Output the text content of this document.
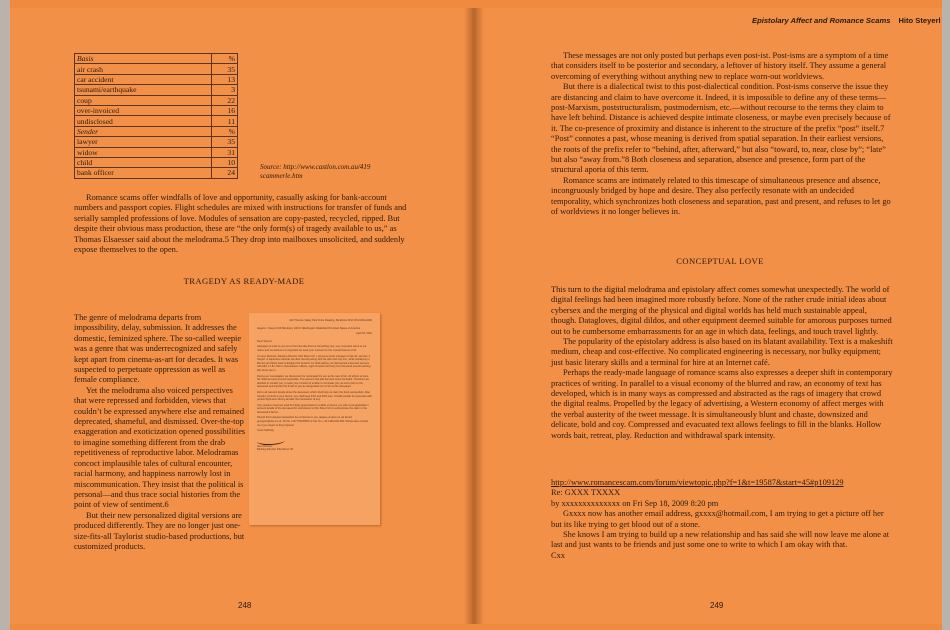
Basis	%
air crash	35
car accident	13
tsunami/earthquake	3
coup	22
over-invoiced	16
undisclosed	11
Sender	%
lawyer	35
widow	31
child	10
bank officer	24
Source: http://www.castlon.com.au/419 scammerle.htm
Romance scams offer windfalls of love and opportunity, casually asking for bank-account numbers and passport copies. Flight schedules are mixed with instructions for transfer of funds and serially sampled professions of love. Modules of sensation are copy-pasted, recycled, ripped. But despite their obvious mass production, these are “the only form(s) of tragedy available to us,” as Thomas Elsaesser said about the melodrama.5 They drop into mailboxes unsolicited, and suddenly expose themselves to the open.
TRAGEDY AS READY-MADE

The genre of melodrama departs from impossibility, delay, submission. It addresses the domestic, feminized sphere. The so-called weepie was a genre that was underrecognized and safely kept apart from cinema-as-art for decades. It was suspected to perpetuate oppression as well as female compliance.

Yet the melodrama also voiced perspectives that were repressed and forbidden, views that couldn’t be expressed anywhere else and remained deprecated, shameful, and dismissed. Over-the-top exaggeration and exoticization opened possibilities to imagine something different from the drab repetitiveness of reproductive labor. Melodramas concoct implausible tales of cultural encounter, racial harmony, and happiness narrowly lost in miscommunication. They insist that the political is personal—and thus trace social histories from the point of view of sentiment.6

But their new personalized digital versions are produced differently. They are no longer just one-size-fits-all Taylorist studio-based productions, but customized products.

419 Thames Valley Park Drive Reading, Berkshire RG6 1PH ENGLAND
Hegeto I. Steyerl 166 Bambarry Hill Dr Washington Wakefield IN United States of America
April 18, 2011
Dear Steyerl,
Apologies to write to you out of the blue like this but something very, very important came to our notice and we believe it is important we seek your consent for the mutual interest of all.
I’m Geo McGuire, Banking Director, ING Direct UK. I presume funds manager to late Mr. Horcelo J. Steyerl. A Japanese national. He died recently along with his wife and only son, while holidaying in Borneo and flown back to England for burial in our field waiting, we discovered a dormant account with £46, 17.8m ING in Jamacaican millions, eight hundred and forty-four thousand pounds sterling. We wrote you in.
During our investigation we discovered he nominated his son as his next of kin. All efforts to trace his relatives have proved impossible. The account has laid dormant since his death. Therefore we decided to contact you, to seek your consent to enable to nominate you, as next of kin to the deceased and transfer the funds to you as designated next of kin to the deceased.
We’re all relevant details about the deceased, which shall help us claim the fund successfully. After transfer of funds to your favour, you shall keep 40% and 60% ours. It’ll will provide for expenses with perfect flight-level during all after the transaction of any.
Your positive response shall be highly appreciated to enable us favour you with a pre-application / account details of the deceased for submission to ING Direct UK to authenticate the claim in the deceased’s favour.
Should this business transaction be of interest to you, please contact me via Email: gmcguire@live.co.uk. Tel No +447778245565 or Fax No + 44 1183-009-300. Please also contact me if you object to this proposal.
Yours faithfully,
Geo McGuire
Banking Director ING Direct UK
248
Epistolary Affect and Romance Scams Hito Steyerl

These messages are not only posted but perhaps even post-ist. Post-isms are a symptom of a time that considers itself to be posterior and secondary, a leftover of history itself. They assume a general overcoming of everything without anything new to replace worn-out worldviews.

But there is a dialectical twist to this post-dialectical condition. Post-isms conserve the issue they are distancing and claim to have overcome it. Indeed, it is impossible to define any of these terms—post-Marxism, poststructuralism, postmodernism, etc.—without recourse to the terms they claim to have left behind. Distance is achieved despite intimate closeness, or maybe even precisely because of it. The co-presence of proximity and distance is inherent to the structure of the prefix “post” itself.7 “Post” connotes a past, whose meaning is derived from spatial separation. In their earliest versions, the roots of the prefix refer to “behind, after, afterward,” but also “toward, to, near, close by”; “late” but also “away from.”8 Both closeness and separation, absence and presence, form part of the structural aporia of this term.

Romance scams are intimately related to this timescape of simultaneous presence and absence, incongruously bridged by hope and desire. They also perfectly resonate with an undecided temporality, which synchronizes both closeness and separation, past and present, and refuses to let go of worldviews it no longer believes in.

CONCEPTUAL LOVE

This turn to the digital melodrama and epistolary affect comes somewhat unexpectedly. The world of digital feelings had been imagined more robustly before. None of the rather crude initial ideas about cybersex and the merging of the physical and digital worlds has held much sustainable appeal, though. Datagloves, digital dildos, and other equipment deemed suitable for amorous purposes turned out to be cumbersome embarrassments for an age in which data, feelings, and touch travel lightly.

The popularity of the epistolary address is also based on its blatant availability. Text is a makeshift medium, cheap and cost-effective. No complicated engineering is necessary, nor bulky equipment; just basic literary skills and a terminal for hire at an Internet café.

Perhaps the ready-made language of romance scams also expresses a deeper shift in contemporary practices of writing. In parallel to a visual economy of the blurred and raw, an economy of text has developed, which is in many ways as compressed and abstracted as the rags of imagery that crowd the digital realms. Propelled by the legacy of advertising, a Western economy of affect merges with the verbal austerity of the tweet message. It is simultaneously blunt and chaste, downsized and delicate, bold and coy. Compressed and evacuated text allows feelings to fill in the blanks. Hollow words bait, retreat, play. Reduction and withdrawal spark intensity.

http://www.romancescam.com/forum/viewtopic.php?f=1&t=19587&start=45#p109129

Re: GXXX TXXXX

by xxxxxxxxxxxxxx on Fri Sep 18, 2009 8:20 pm

Gxxxx now has another email address, gxxxx@hotmail.com, I am trying to get a picture off her but its like trying to get blood out of a stone.

She knows I am trying to build up a new relationship and has said she will now leave me alone at last and just wants to be friends and just some one to write to which I am okay with that.

Cxx

249
